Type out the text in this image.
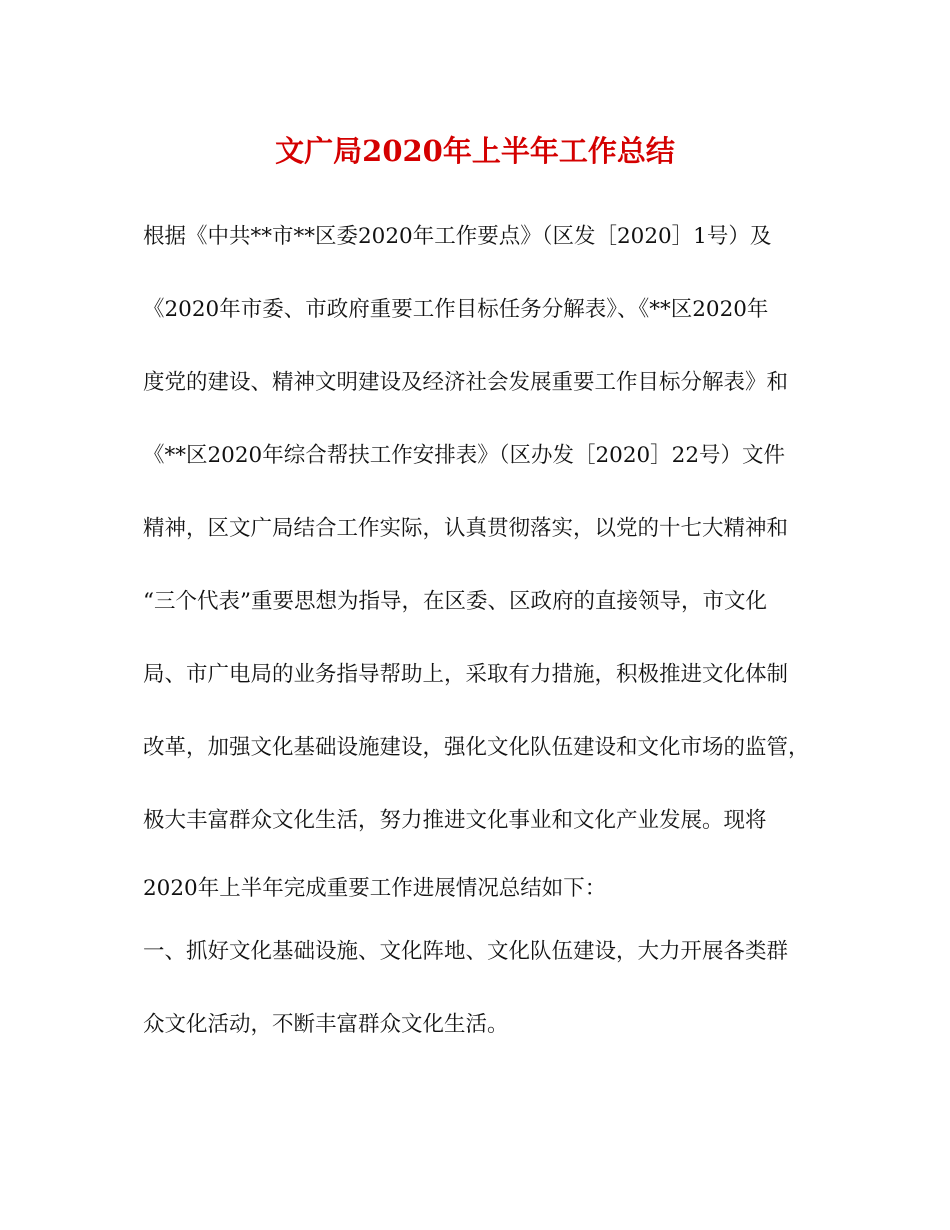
文广局2020年上半年工作总结
根据《中共**市**区委2020年工作要点》（区发［2020］1号）及
《2020年市委、市政府重要工作目标任务分解表》、《**区2020年
度党的建设、精神文明建设及经济社会发展重要工作目标分解表》和
《**区2020年综合帮扶工作安排表》（区办发［2020］22号）文件
精神，区文广局结合工作实际，认真贯彻落实，以党的十七大精神和
“三个代表”重要思想为指导，在区委、区政府的直接领导，市文化
局、市广电局的业务指导帮助上，采取有力措施，积极推进文化体制
改革，加强文化基础设施建设，强化文化队伍建设和文化市场的监管，
极大丰富群众文化生活，努力推进文化事业和文化产业发展。现将
2020年上半年完成重要工作进展情况总结如下：
一、抓好文化基础设施、文化阵地、文化队伍建设，大力开展各类群
众文化活动，不断丰富群众文化生活。
